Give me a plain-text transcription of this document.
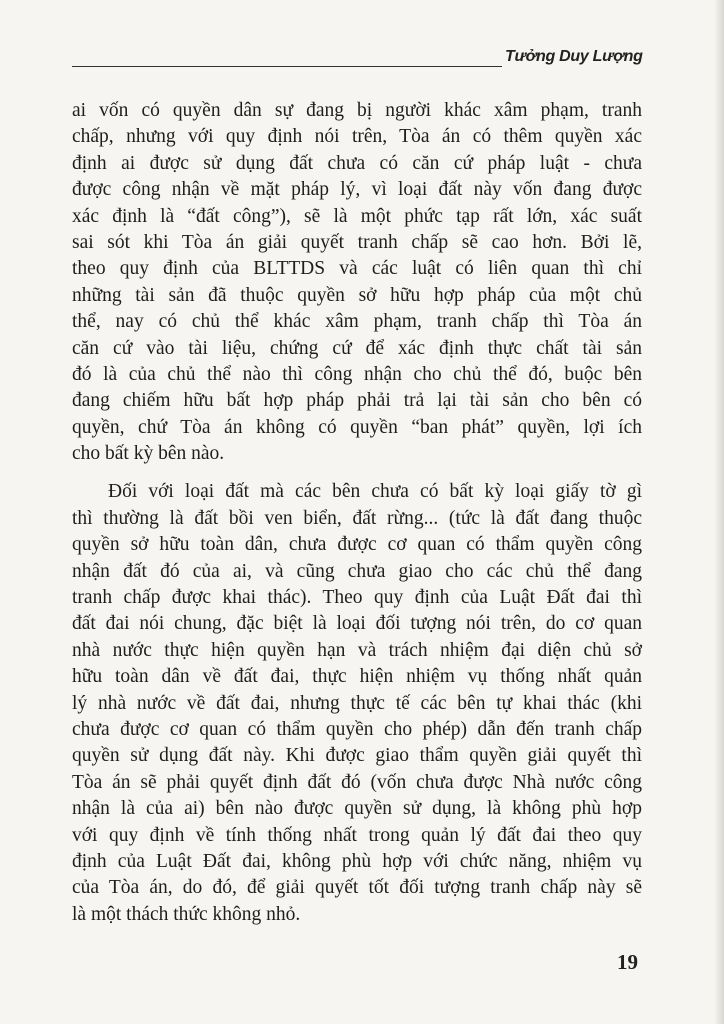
Tưởng Duy Lượng
ai vốn có quyền dân sự đang bị người khác xâm phạm, tranh
chấp, nhưng với quy định nói trên, Tòa án có thêm quyền xác
định ai được sử dụng đất chưa có căn cứ pháp luật - chưa
được công nhận về mặt pháp lý, vì loại đất này vốn đang được
xác định là “đất công”), sẽ là một phức tạp rất lớn, xác suất
sai sót khi Tòa án giải quyết tranh chấp sẽ cao hơn. Bởi lẽ,
theo quy định của BLTTDS và các luật có liên quan thì chỉ
những tài sản đã thuộc quyền sở hữu hợp pháp của một chủ
thể, nay có chủ thể khác xâm phạm, tranh chấp thì Tòa án
căn cứ vào tài liệu, chứng cứ để xác định thực chất tài sản
đó là của chủ thể nào thì công nhận cho chủ thể đó, buộc bên
đang chiếm hữu bất hợp pháp phải trả lại tài sản cho bên có
quyền, chứ Tòa án không có quyền “ban phát” quyền, lợi ích
cho bất kỳ bên nào.
Đối với loại đất mà các bên chưa có bất kỳ loại giấy tờ gì
thì thường là đất bồi ven biển, đất rừng... (tức là đất đang thuộc
quyền sở hữu toàn dân, chưa được cơ quan có thẩm quyền công
nhận đất đó của ai, và cũng chưa giao cho các chủ thể đang
tranh chấp được khai thác). Theo quy định của Luật Đất đai thì
đất đai nói chung, đặc biệt là loại đối tượng nói trên, do cơ quan
nhà nước thực hiện quyền hạn và trách nhiệm đại diện chủ sở
hữu toàn dân về đất đai, thực hiện nhiệm vụ thống nhất quản
lý nhà nước về đất đai, nhưng thực tế các bên tự khai thác (khi
chưa được cơ quan có thẩm quyền cho phép) dẫn đến tranh chấp
quyền sử dụng đất này. Khi được giao thẩm quyền giải quyết thì
Tòa án sẽ phải quyết định đất đó (vốn chưa được Nhà nước công
nhận là của ai) bên nào được quyền sử dụng, là không phù hợp
với quy định về tính thống nhất trong quản lý đất đai theo quy
định của Luật Đất đai, không phù hợp với chức năng, nhiệm vụ
của Tòa án, do đó, để giải quyết tốt đối tượng tranh chấp này sẽ
là một thách thức không nhỏ.
19
